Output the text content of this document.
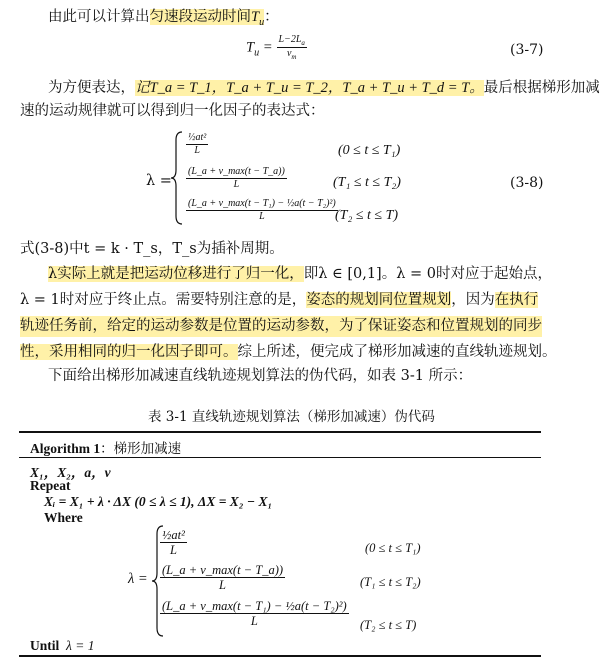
由此可以计算出匀速段运动时间$T_u$：
$T_u = \frac{L-2L_a}{v_m}$	(3-7)
为方便表达，记T_a = T_1，T_a + T_u = T_2，T_a + T_u + T_d = T。最后根据梯形加减
速的运动规律就可以得到归一化因子的表达式：
λ =
$\frac{\text{½at²}}{L}$	(0 ≤ t ≤ T₁)
$\frac{(L\_a + v\_\max(t - T\_a))}{L}$	(T₁ ≤ t ≤ T₂)
$\frac{\text{(L\_a + v\_max(t − T₁) − ½a(t − T₂)²)}}{L}$
(T₂ ≤ t ≤ T)
(3-8)
式(3-8)中t = k · T_s，T_s为插补周期。
λ实际上就是把运动位移进行了归一化，即λ ∈ [0,1]。λ = 0时对应于起始点，
λ = 1时对应于终止点。需要特别注意的是，姿态的规划同位置规划，因为在执行
轨迹任务前，给定的运动参数是位置的运动参数，为了保证姿态和位置规划的同步
性，采用相同的归一化因子即可。综上所述，便完成了梯形加减速的直线轨迹规划。
下面给出梯形加减速直线轨迹规划算法的伪代码，如表 3-1 所示：
表 3-1 直线轨迹规划算法（梯形加减速）伪代码
Algorithm 1：梯形加减速
X₁，X₂，a，v
Repeat
Xᵢ = X₁ + λ · ΔX (0 ≤ λ ≤ 1), ΔX = X₂ − X₁
Where
λ =
$\frac{\text{½at²}}{L}$	(0 ≤ t ≤ T₁)
$\frac{(L\_a + v\_\max(t - T\_a))}{L}$	(T₁ ≤ t ≤ T₂)
$\frac{\text{(L\_a + v\_max(t − T₁) − ½a(t − T₂)²)}}{L} (T_2 \le t \le T)$
Until λ = 1
